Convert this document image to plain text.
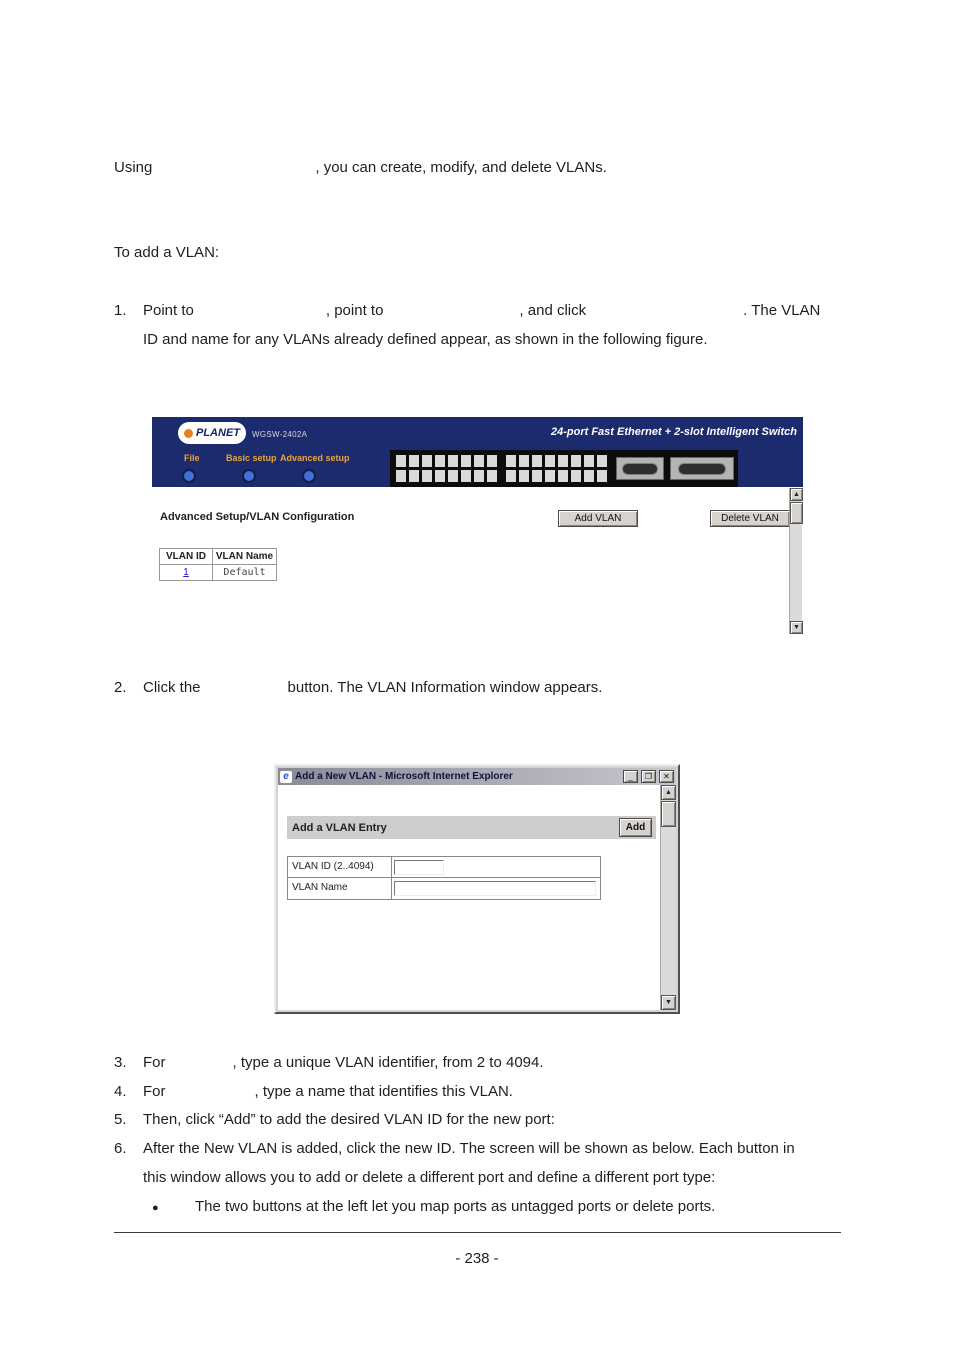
Using	, you can create, modify, and delete VLANs.
To add a VLAN:
1. Point to	, point to	, and click	. The VLAN
ID and name for any VLANs already defined appear, as shown in the following figure.
PLANET WGSW-2402A	24-port Fast Ethernet + 2-slot Intelligent Switch
File	Basic setup Advanced setup
Advanced Setup/VLAN Configuration	Add VLAN	Delete VLAN
VLAN ID VLAN Name
1	Default
▲
▼
2. Click the	button. The VLAN Information window appears.
e Add a New VLAN - Microsoft Internet Explorer	_ ❐ ✕
Add a VLAN Entry	Add
VLAN ID (2..4094)
VLAN Name
▲
▼
3. For	, type a unique VLAN identifier, from 2 to 4094.
4. For	, type a name that identifies this VLAN.
5. Then, click “Add” to add the desired VLAN ID for the new port:
6. After the New VLAN is added, click the new ID. The screen will be shown as below. Each button in
this window allows you to add or delete a different port and define a different port type:
● The two buttons at the left let you map ports as untagged ports or delete ports.
- 238 -
